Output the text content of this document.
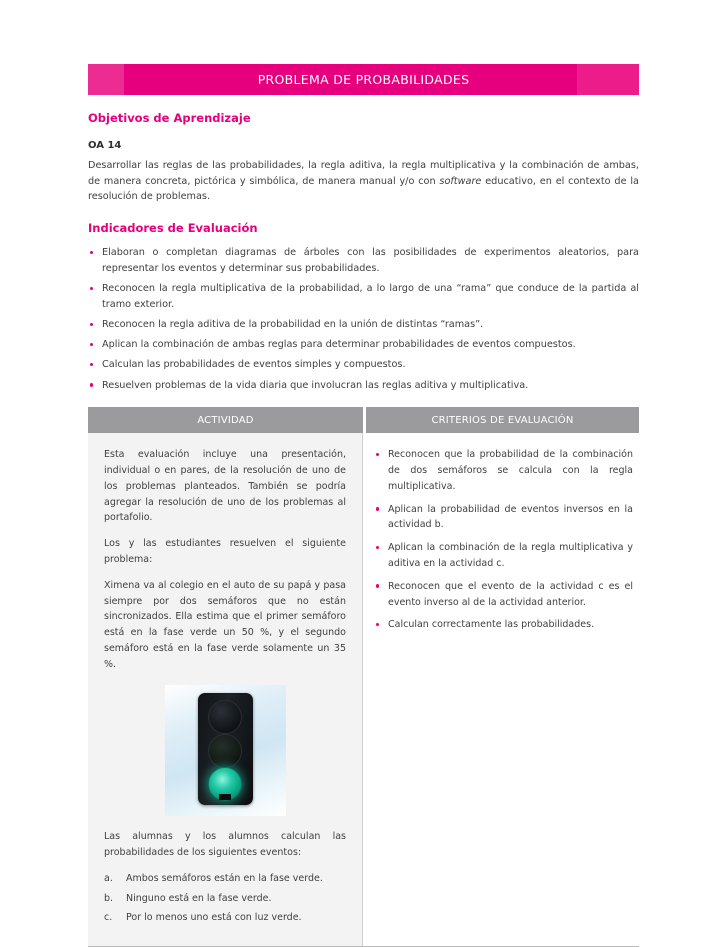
PROBLEMA DE PROBABILIDADES
Objetivos de Aprendizaje
OA 14
Desarrollar las reglas de las probabilidades, la regla aditiva, la regla multiplicativa y la combinación de ambas, de manera concreta, pictórica y simbólica, de manera manual y/o con software educativo, en el contexto de la resolución de problemas.
Indicadores de Evaluación
Elaboran o completan diagramas de árboles con las posibilidades de experimentos aleatorios, para representar los eventos y determinar sus probabilidades.
Reconocen la regla multiplicativa de la probabilidad, a lo largo de una “rama” que conduce de la partida al tramo exterior.
Reconocen la regla aditiva de la probabilidad en la unión de distintas “ramas”.
Aplican la combinación de ambas reglas para determinar probabilidades de eventos compuestos.
Calculan las probabilidades de eventos simples y compuestos.
Resuelven problemas de la vida diaria que involucran las reglas aditiva y multiplicativa.
ACTIVIDAD	CRITERIOS DE EVALUACIÓN

Esta evaluación incluye una presentación, individual o en pares, de la resolución de uno de los problemas planteados. También se podría agregar la resolución de uno de los problemas al portafolio.

Los y las estudiantes resuelven el siguiente problema:

Ximena va al colegio en el auto de su papá y pasa siempre por dos semáforos que no están sincronizados. Ella estima que el primer semáforo está en la fase verde un 50 %, y el segundo semáforo está en la fase verde solamente un 35 %.

Las alumnas y los alumnos calculan las probabilidades de los siguientes eventos:

a. Ambos semáforos están en la fase verde.
b. Ninguno está en la fase verde.
c. Por lo menos uno está con luz verde.
Reconocen que la probabilidad de la combinación de dos semáforos se calcula con la regla multiplicativa.
Aplican la probabilidad de eventos inversos en la actividad b.
Aplican la combinación de la regla multiplicativa y aditiva en la actividad c.
Reconocen que el evento de la actividad c es el evento inverso al de la actividad anterior.
Calculan correctamente las probabilidades.
